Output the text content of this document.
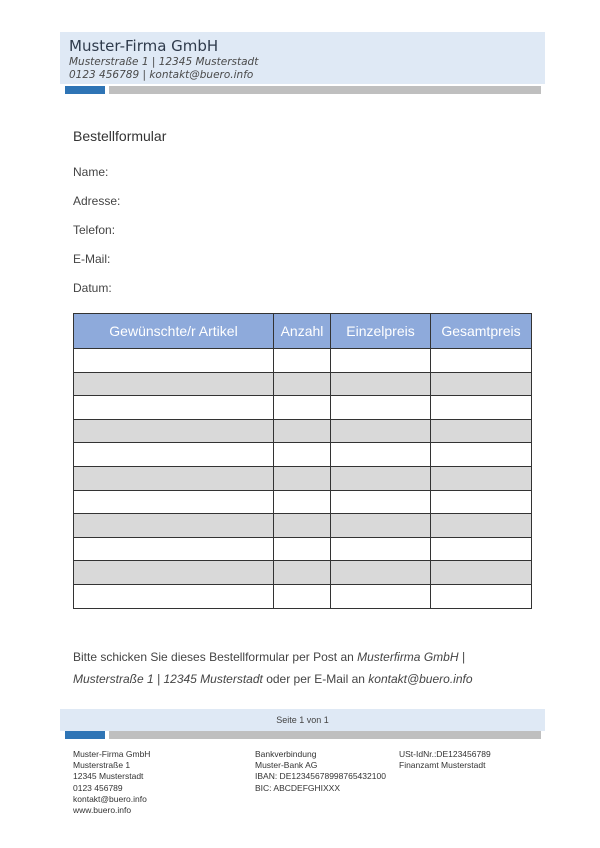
Muster-Firma GmbH
Musterstraße 1 | 12345 Musterstadt
0123 456789 | kontakt@buero.info
Bestellformular
Name:
Adresse:
Telefon:
E-Mail:
Datum:
Gewünschte/r Artikel	Anzahl	Einzelpreis	Gesamtpreis

Bitte schicken Sie dieses Bestellformular per Post an Musterfirma GmbH |
Musterstraße 1 | 12345 Musterstadt oder per E-Mail an kontakt@buero.info
Seite 1 von 1
Muster-Firma GmbH
Musterstraße 1
12345 Musterstadt
0123 456789
kontakt@buero.info
www.buero.info
Bankverbindung
Muster-Bank AG
IBAN: DE12345678998765432100
BIC: ABCDEFGHIXXX
USt-IdNr.:DE123456789
Finanzamt Musterstadt
